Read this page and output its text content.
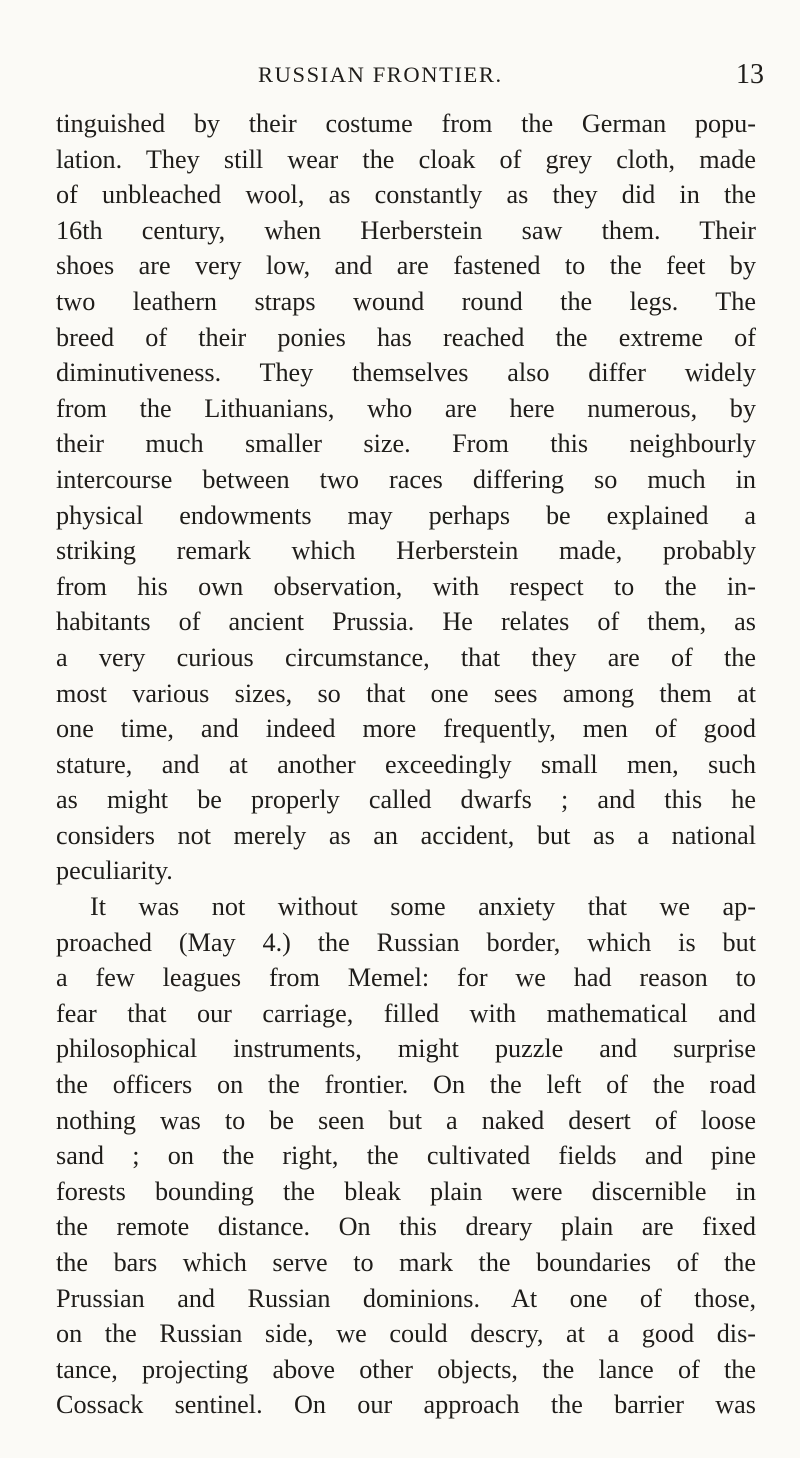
RUSSIAN FRONTIER.	13
tinguished by their costume from the German popu-
lation. They still wear the cloak of grey cloth, made
of unbleached wool, as constantly as they did in the
16th century, when Herberstein saw them. Their
shoes are very low, and are fastened to the feet by
two leathern straps wound round the legs. The
breed of their ponies has reached the extreme of
diminutiveness. They themselves also differ widely
from the Lithuanians, who are here numerous, by
their much smaller size. From this neighbourly
intercourse between two races differing so much in
physical endowments may perhaps be explained a
striking remark which Herberstein made, probably
from his own observation, with respect to the in-
habitants of ancient Prussia. He relates of them, as
a very curious circumstance, that they are of the
most various sizes, so that one sees among them at
one time, and indeed more frequently, men of good
stature, and at another exceedingly small men, such
as might be properly called dwarfs ; and this he
considers not merely as an accident, but as a national
peculiarity.
It was not without some anxiety that we ap-
proached (May 4.) the Russian border, which is but
a few leagues from Memel: for we had reason to
fear that our carriage, filled with mathematical and
philosophical instruments, might puzzle and surprise
the officers on the frontier. On the left of the road
nothing was to be seen but a naked desert of loose
sand ; on the right, the cultivated fields and pine
forests bounding the bleak plain were discernible in
the remote distance. On this dreary plain are fixed
the bars which serve to mark the boundaries of the
Prussian and Russian dominions. At one of those,
on the Russian side, we could descry, at a good dis-
tance, projecting above other objects, the lance of the
Cossack sentinel. On our approach the barrier was
